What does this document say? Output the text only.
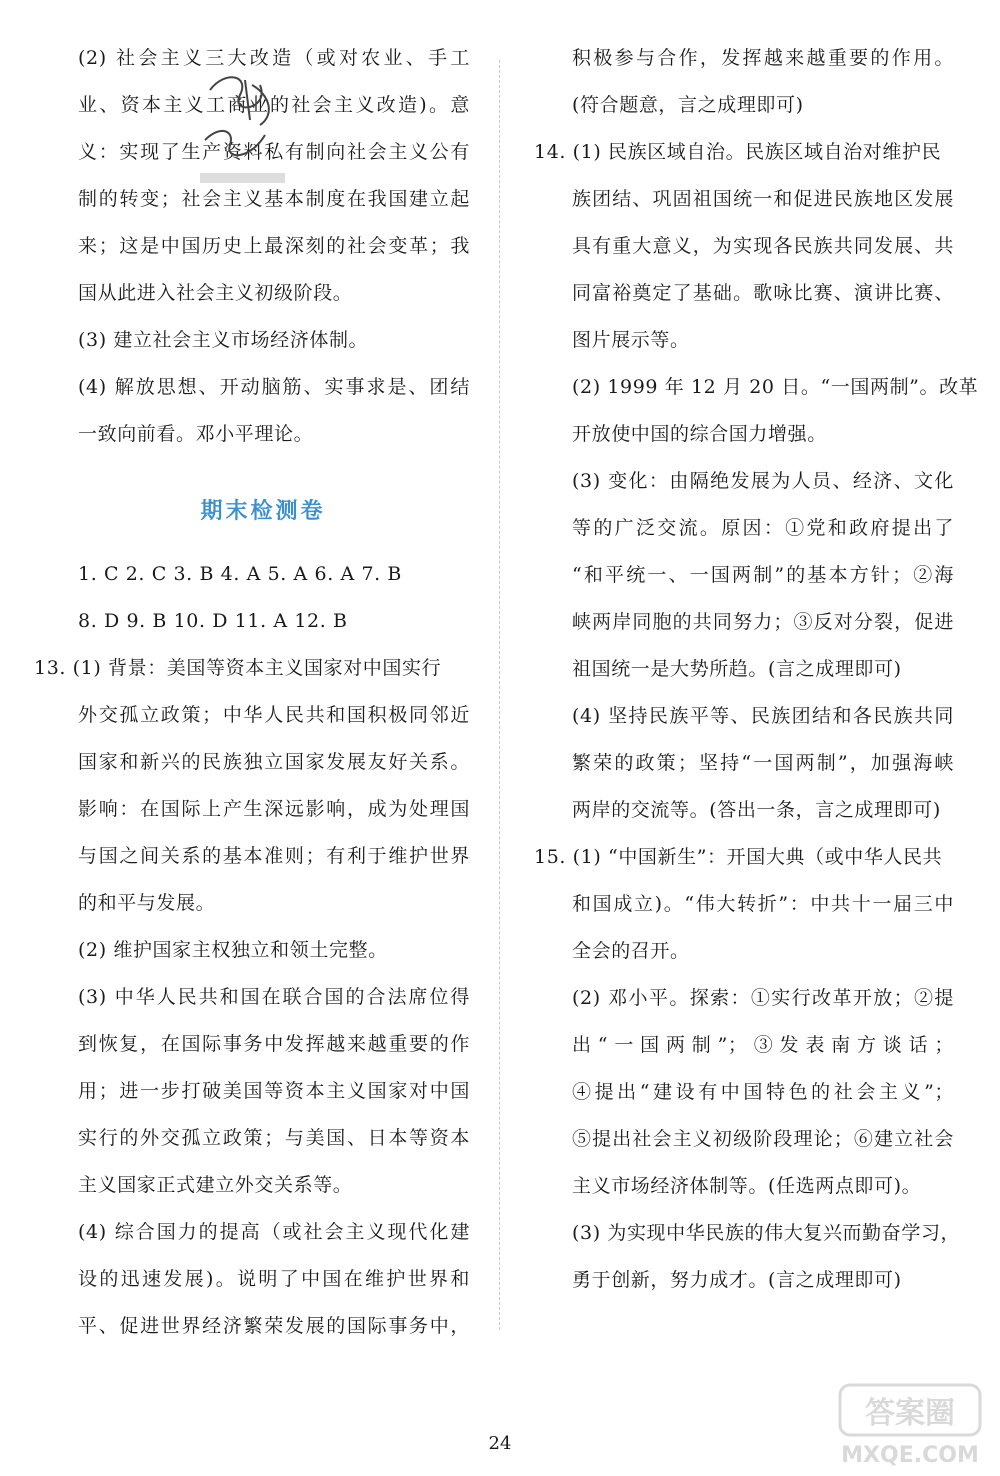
(2) 社会主义三大改造（或对农业、手工
业、资本主义工商业的社会主义改造)。意
义：实现了生产资料私有制向社会主义公有
制的转变；社会主义基本制度在我国建立起
来；这是中国历史上最深刻的社会变革；我
国从此进入社会主义初级阶段。
(3) 建立社会主义市场经济体制。
(4) 解放思想、开动脑筋、实事求是、团结
一致向前看。邓小平理论。
期末检测卷
1. C 2. C 3. B 4. A 5. A 6. A 7. B
8. D 9. B 10. D 11. A 12. B
13. (1) 背景：美国等资本主义国家对中国实行
外交孤立政策；中华人民共和国积极同邻近
国家和新兴的民族独立国家发展友好关系。
影响：在国际上产生深远影响，成为处理国
与国之间关系的基本准则；有利于维护世界
的和平与发展。
(2) 维护国家主权独立和领土完整。
(3) 中华人民共和国在联合国的合法席位得
到恢复，在国际事务中发挥越来越重要的作
用；进一步打破美国等资本主义国家对中国
实行的外交孤立政策；与美国、日本等资本
主义国家正式建立外交关系等。
(4) 综合国力的提高（或社会主义现代化建
设的迅速发展)。说明了中国在维护世界和
平、促进世界经济繁荣发展的国际事务中，
积极参与合作，发挥越来越重要的作用。
(符合题意，言之成理即可)
14. (1) 民族区域自治。民族区域自治对维护民
族团结、巩固祖国统一和促进民族地区发展
具有重大意义，为实现各民族共同发展、共
同富裕奠定了基础。歌咏比赛、演讲比赛、
图片展示等。
(2) 1999 年 12 月 20 日。“一国两制”。改革
开放使中国的综合国力增强。
(3) 变化：由隔绝发展为人员、经济、文化
等的广泛交流。原因：①党和政府提出了
“和平统一、一国两制”的基本方针；②海
峡两岸同胞的共同努力；③反对分裂，促进
祖国统一是大势所趋。(言之成理即可)
(4) 坚持民族平等、民族团结和各民族共同
繁荣的政策；坚持“一国两制”，加强海峡
两岸的交流等。(答出一条，言之成理即可)
15. (1) “中国新生”：开国大典（或中华人民共
和国成立)。“伟大转折”：中共十一届三中
全会的召开。
(2) 邓小平。探索：①实行改革开放；②提
出“一国两制”；③发表南方谈话；
④提出“建设有中国特色的社会主义”；
⑤提出社会主义初级阶段理论；⑥建立社会
主义市场经济体制等。(任选两点即可)。
(3) 为实现中华民族的伟大复兴而勤奋学习，
勇于创新，努力成才。(言之成理即可)
24
答案圈
MXQE.COM
